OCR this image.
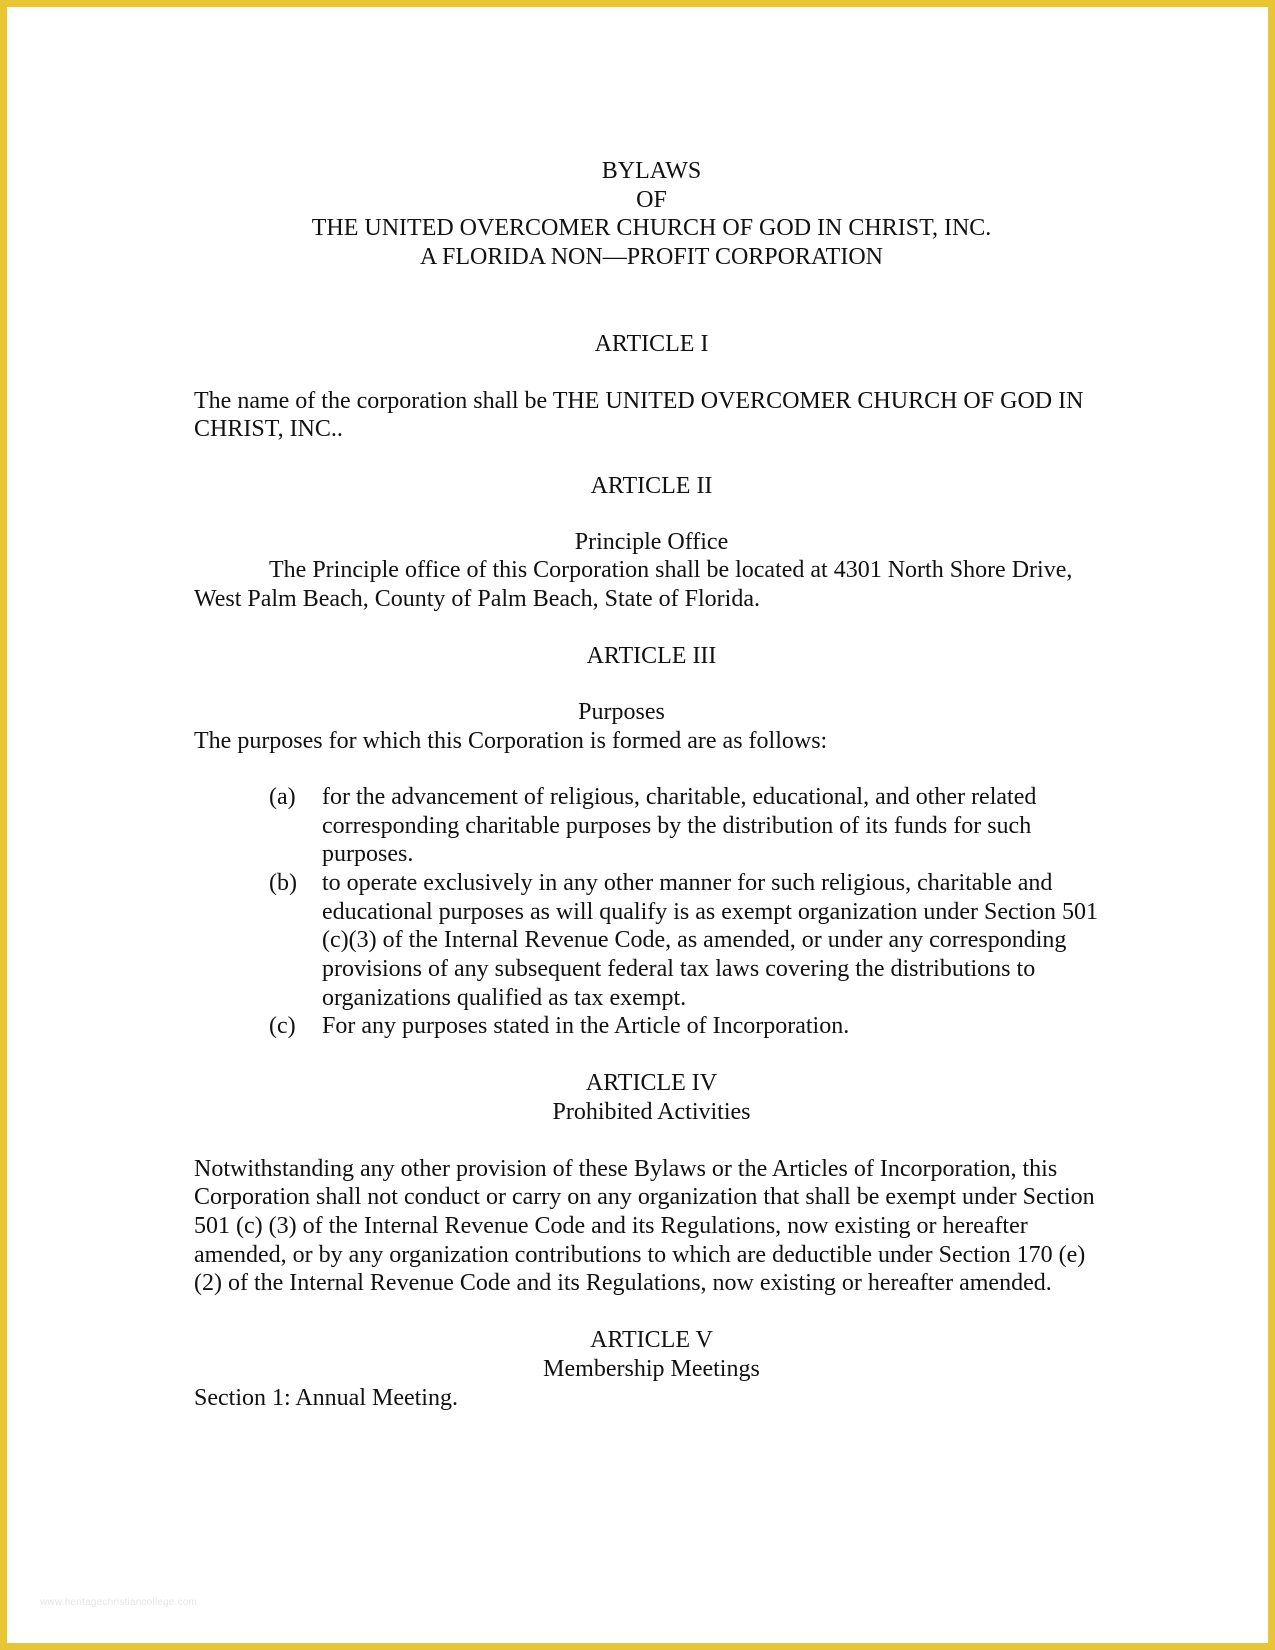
BYLAWS
OF
THE UNITED OVERCOMER CHURCH OF GOD IN CHRIST, INC.
A FLORIDA NON—PROFIT CORPORATION
ARTICLE I

The name of the corporation shall be THE UNITED OVERCOMER CHURCH OF GOD IN CHRIST, INC..

ARTICLE II
Principle Office

The Principle office of this Corporation shall be located at 4301 North Shore Drive, West Palm Beach, County of Palm Beach, State of Florida.

ARTICLE III
Purposes

The purposes for which this Corporation is formed are as follows:

(a)	for the advancement of religious, charitable, educational, and other related corresponding charitable purposes by the distribution of its funds for such purposes.
(b)	to operate exclusively in any other manner for such religious, charitable and educational purposes as will qualify is as exempt organization under Section 501 (c)(3) of the Internal Revenue Code, as amended, or under any corresponding provisions of any subsequent federal tax laws covering the distributions to organizations qualified as tax exempt.
(c)	For any purposes stated in the Article of Incorporation.
ARTICLE IV
Prohibited Activities

Notwithstanding any other provision of these Bylaws or the Articles of Incorporation, this Corporation shall not conduct or carry on any organization that shall be exempt under Section 501 (c) (3) of the Internal Revenue Code and its Regulations, now existing or hereafter amended, or by any organization contributions to which are deductible under Section 170 (e)(2) of the Internal Revenue Code and its Regulations, now existing or hereafter amended.

ARTICLE V
Membership Meetings

Section 1: Annual Meeting.

www.heritagechristiancollege.com
